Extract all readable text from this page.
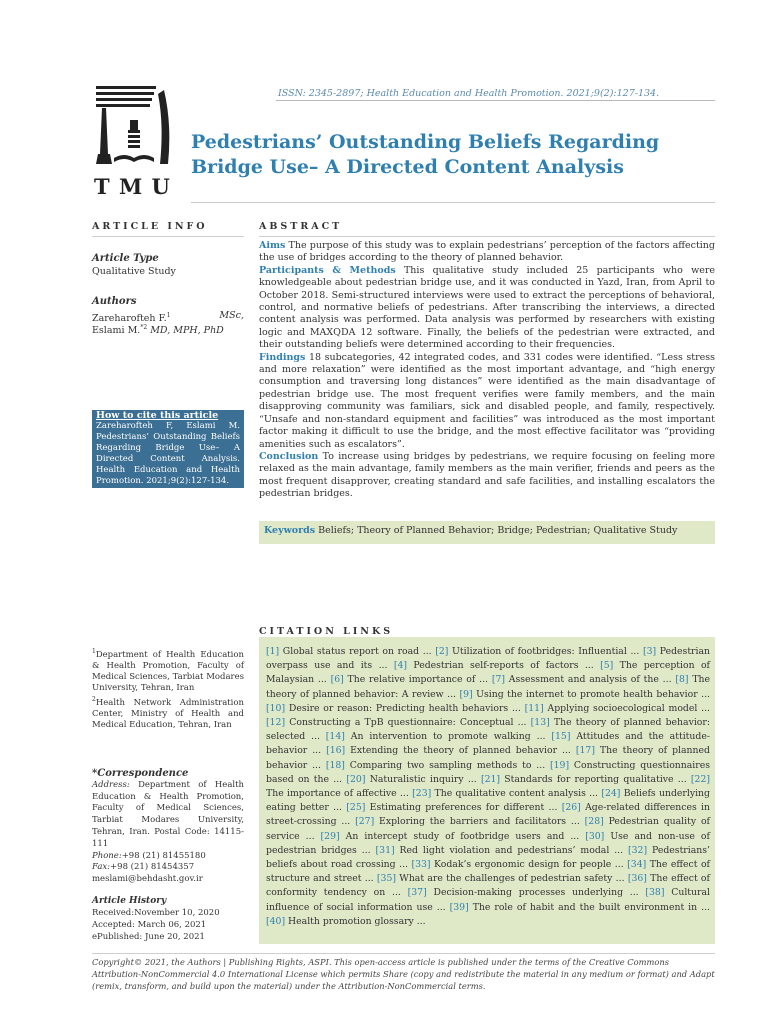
ISSN: 2345-2897; Health Education and Health Promotion. 2021;9(2):127-134.
T M U
Pedestrians’ Outstanding Beliefs Regarding Bridge Use– A Directed Content Analysis
ARTICLE INFO
Article Type
Qualitative Study
Authors
Zareharofteh F.$^1$	MSc,
Eslami M.$^{*2}$ MD, MPH, PhD
How to cite this article
Zareharofteh F, Eslami M. Pedestrians’ Outstanding Beliefs Regarding Bridge Use– A Directed Content Analysis. Health Education and Health Promotion. 2021;9(2):127-134.
ABSTRACT

Aims The purpose of this study was to explain pedestrians’ perception of the factors affecting the use of bridges according to the theory of planned behavior.

Participants & Methods This qualitative study included 25 participants who were knowledgeable about pedestrian bridge use, and it was conducted in Yazd, Iran, from April to October 2018. Semi-structured interviews were used to extract the perceptions of behavioral, control, and normative beliefs of pedestrians. After transcribing the interviews, a directed content analysis was performed. Data analysis was performed by researchers with existing logic and MAXQDA 12 software. Finally, the beliefs of the pedestrian were extracted, and their outstanding beliefs were determined according to their frequencies.

Findings 18 subcategories, 42 integrated codes, and 331 codes were identified. “Less stress and more relaxation” were identified as the most important advantage, and “high energy consumption and traversing long distances” were identified as the main disadvantage of pedestrian bridge use. The most frequent verifies were family members, and the main disapproving community was familiars, sick and disabled people, and family, respectively. “Unsafe and non-standard equipment and facilities” was introduced as the most important factor making it difficult to use the bridge, and the most effective facilitator was “providing amenities such as escalators”.

Conclusion To increase using bridges by pedestrians, we require focusing on feeling more relaxed as the main advantage, family members as the main verifier, friends and peers as the most frequent disapprover, creating standard and safe facilities, and installing escalators the pedestrian bridges.

Keywords Beliefs; Theory of Planned Behavior; Bridge; Pedestrian; Qualitative Study
CITATION LINKS
[1] Global status report on road ... [2] Utilization of footbridges: Influential ... [3] Pedestrian overpass use and its ... [4] Pedestrian self-reports of factors ... [5] The perception of Malaysian ... [6] The relative importance of ... [7] Assessment and analysis of the ... [8] The theory of planned behavior: A review ... [9] Using the internet to promote health behavior ... [10] Desire or reason: Predicting health behaviors ... [11] Applying socioecological model ... [12] Constructing a TpB questionnaire: Conceptual ... [13] The theory of planned behavior: selected ... [14] An intervention to promote walking ... [15] Attitudes and the attitude-behavior ... [16] Extending the theory of planned behavior ... [17] The theory of planned behavior ... [18] Comparing two sampling methods to ... [19] Constructing questionnaires based on the ... [20] Naturalistic inquiry ... [21] Standards for reporting qualitative ... [22] The importance of affective ... [23] The qualitative content analysis ... [24] Beliefs underlying eating better ... [25] Estimating preferences for different ... [26] Age-related differences in street-crossing ... [27] Exploring the barriers and facilitators ... [28] Pedestrian quality of service ... [29] An intercept study of footbridge users and ... [30] Use and non-use of pedestrian bridges ... [31] Red light violation and pedestrians’ modal ... [32] Pedestrians’ beliefs about road crossing ... [33] Kodak’s ergonomic design for people ... [34] The effect of structure and street ... [35] What are the challenges of pedestrian safety ... [36] The effect of conformity tendency on ... [37] Decision-making processes underlying ... [38] Cultural influence of social information use ... [39] The role of habit and the built environment in ... [40] Health promotion glossary ...
$^1$Department of Health Education & Health Promotion, Faculty of Medical Sciences, Tarbiat Modares University, Tehran, Iran
$^2$Health Network Administration Center, Ministry of Health and Medical Education, Tehran, Iran
*Correspondence
Address: Department of Health Education & Health Promotion, Faculty of Medical Sciences, Tarbiat Modares University, Tehran, Iran. Postal Code: 14115-111
Phone:+98 (21) 81455180
Fax:+98 (21) 81454357
meslami@behdasht.gov.ir
Article History
Received:November 10, 2020
Accepted: March 06, 2021
ePublished: June 20, 2021
Copyright© 2021, the Authors | Publishing Rights, ASPI. This open-access article is published under the terms of the Creative Commons Attribution-NonCommercial 4.0 International License which permits Share (copy and redistribute the material in any medium or format) and Adapt (remix, transform, and build upon the material) under the Attribution-NonCommercial terms.
